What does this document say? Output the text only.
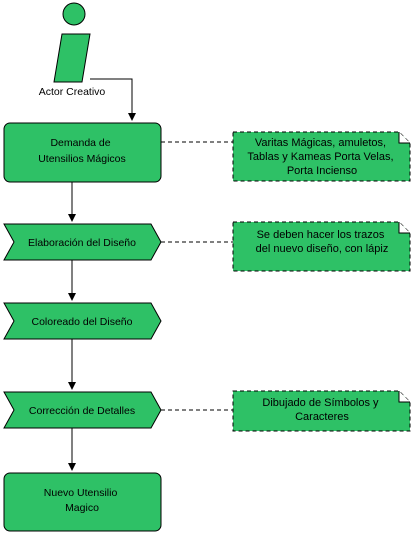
Actor Creativo
Demanda de Utensilios Mágicos
Elaboración del Diseño
Coloreado del Diseño
Corrección de Detalles
Nuevo Utensilio Magico
Varitas Mágicas, amuletos, Tablas y Kameas Porta Velas, Porta Incienso
Se deben hacer los trazos del nuevo diseño, con lápiz
Dibujado de Símbolos y Caracteres
